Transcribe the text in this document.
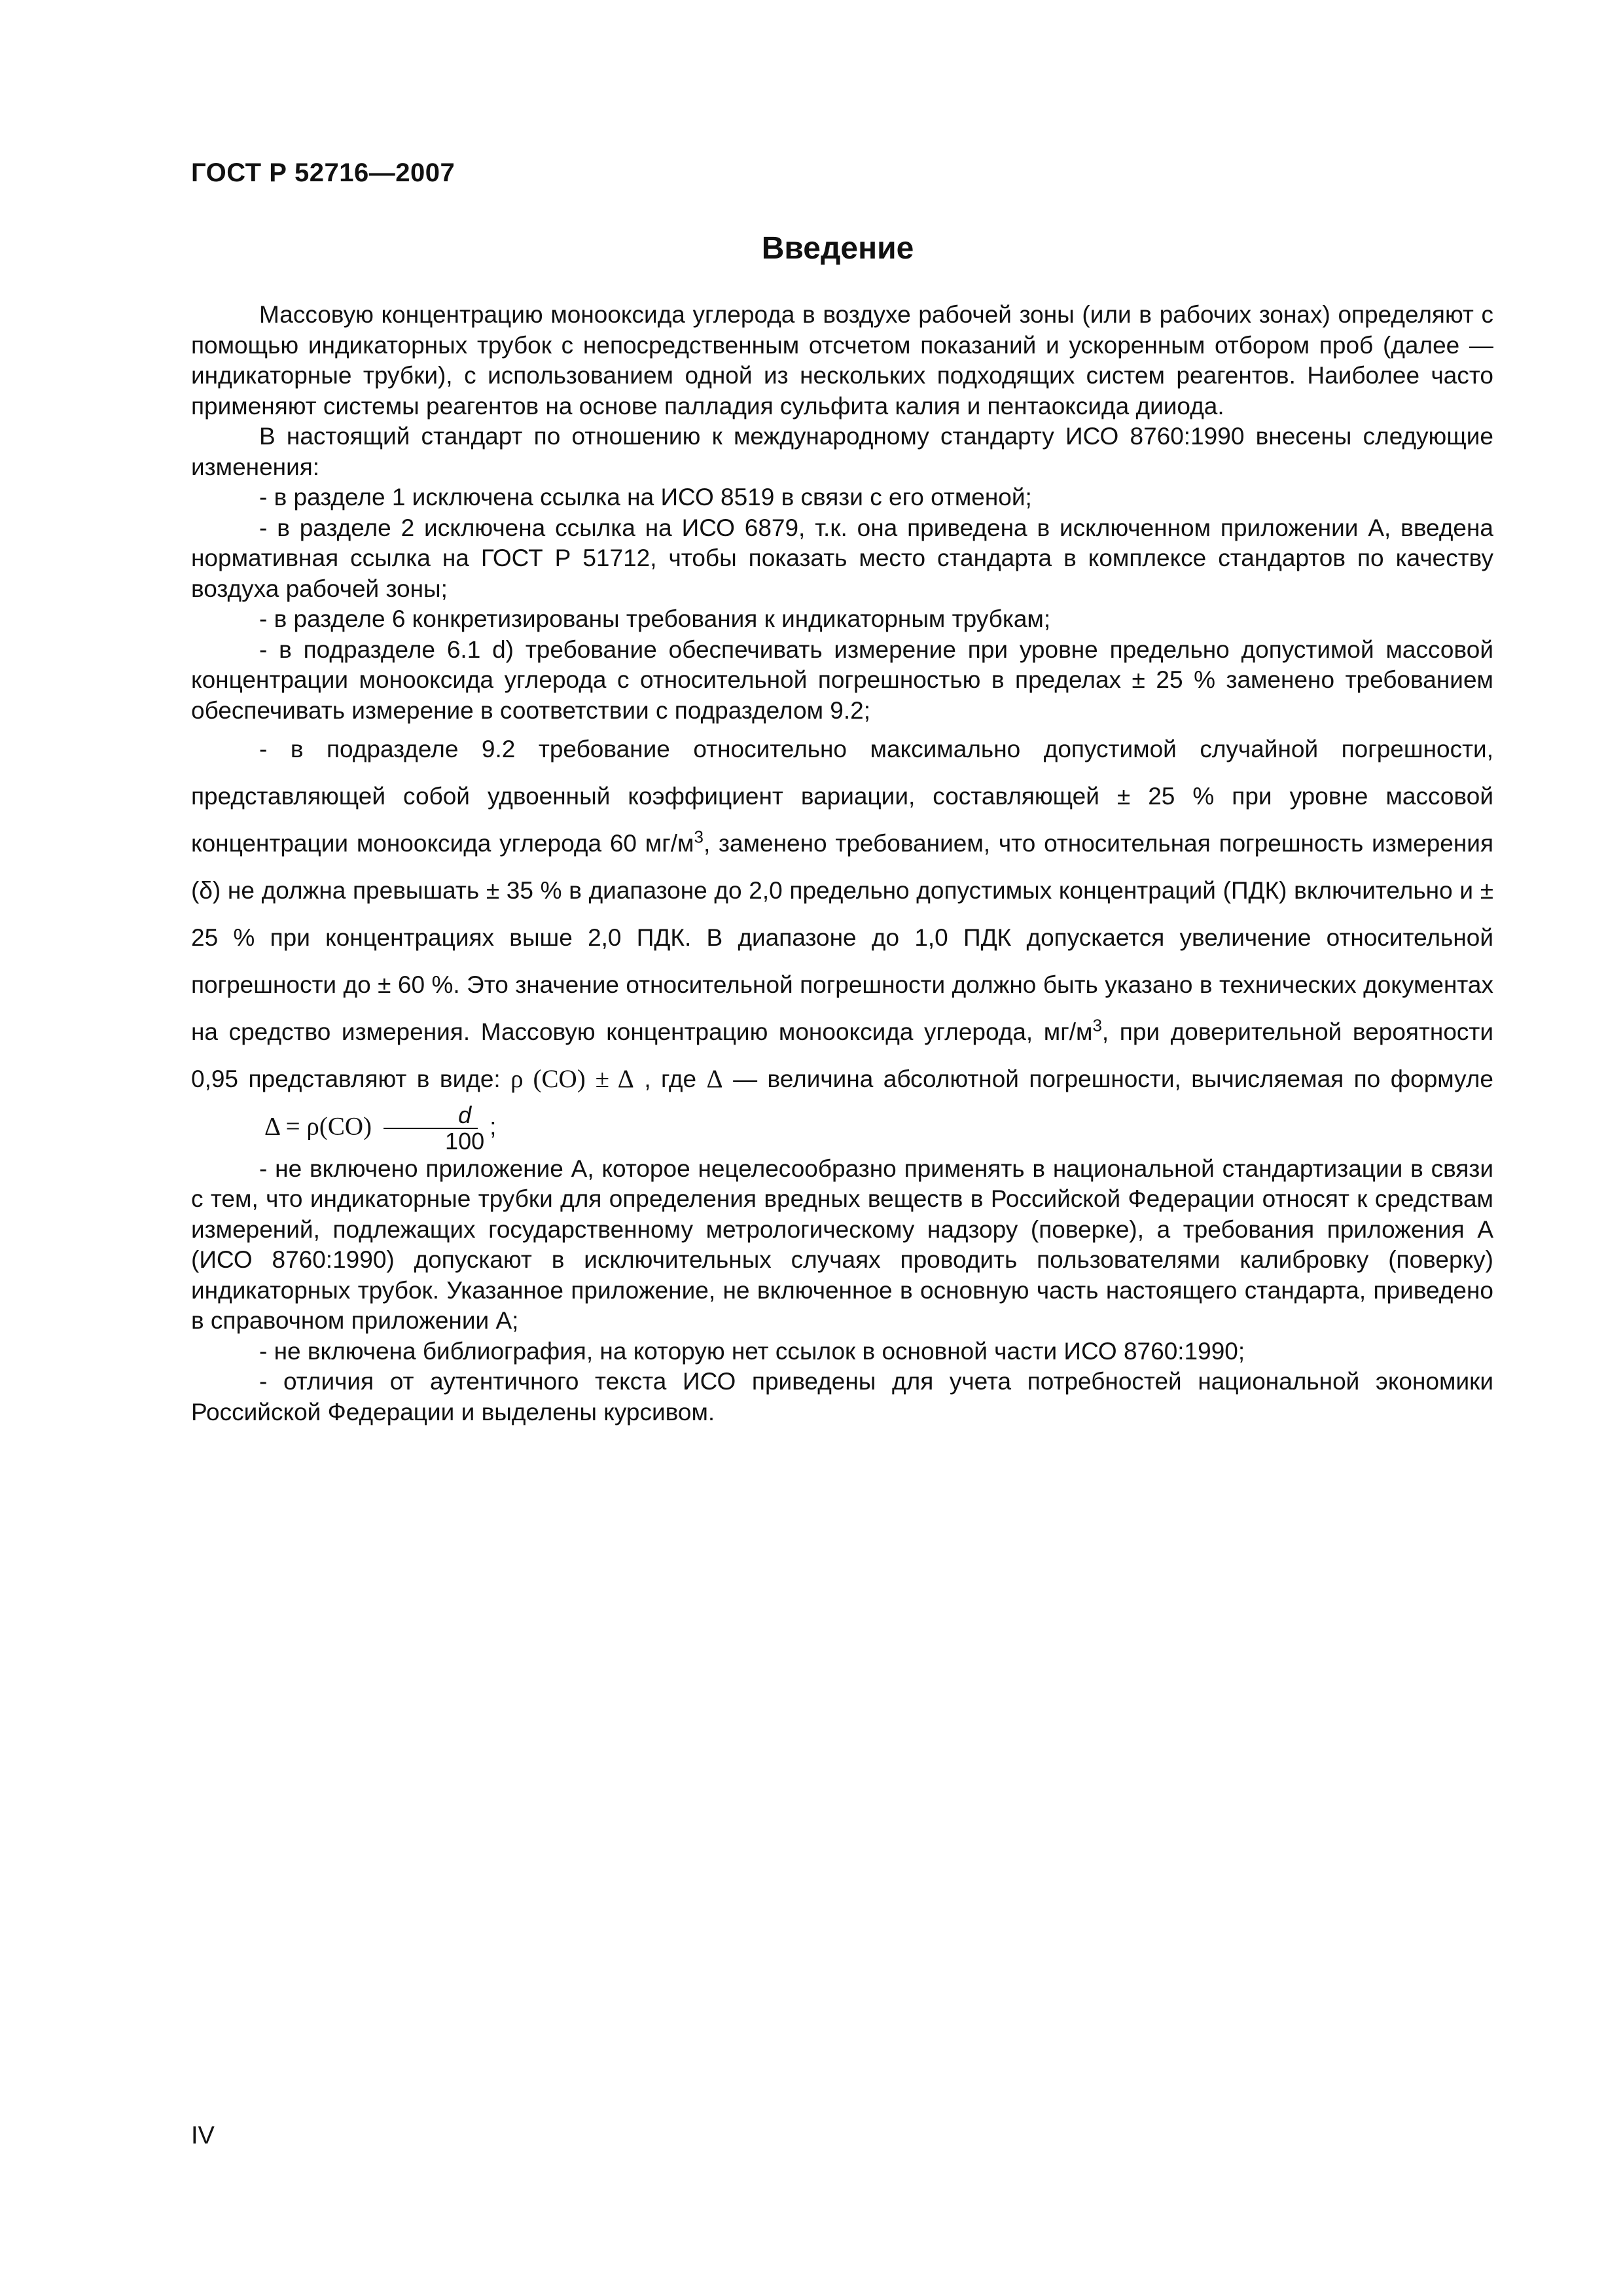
ГОСТ Р 52716—2007
Введение

Массовую концентрацию монооксида углерода в воздухе рабочей зоны (или в рабочих зонах) определяют с помощью индикаторных трубок с непосредственным отсчетом показаний и ускоренным отбором проб (далее — индикаторные трубки), с использованием одной из нескольких подходящих систем реагентов. Наиболее часто применяют системы реагентов на основе палладия сульфита калия и пентаоксида дииода.

В настоящий стандарт по отношению к международному стандарту ИСО 8760:1990 внесены следующие изменения:

- в разделе 1 исключена ссылка на ИСО 8519 в связи с его отменой;

- в разделе 2 исключена ссылка на ИСО 6879, т.к. она приведена в исключенном приложении А, введена нормативная ссылка на ГОСТ Р 51712, чтобы показать место стандарта в комплексе стандартов по качеству воздуха рабочей зоны;

- в разделе 6 конкретизированы требования к индикаторным трубкам;

- в подразделе 6.1 d) требование обеспечивать измерение при уровне предельно допустимой массовой концентрации монооксида углерода с относительной погрешностью в пределах ± 25 % заменено требованием обеспечивать измерение в соответствии с подразделом 9.2;

- в подразделе 9.2 требование относительно максимально допустимой случайной погрешности, представляющей собой удвоенный коэффициент вариации, составляющей ± 25 % при уровне массовой концентрации монооксида углерода 60 $мг/м^3$, заменено требованием, что относительная погрешность измерения (δ) не должна превышать ± 35 % в диапазоне до 2,0 предельно допустимых концентраций (ПДК) включительно и ± 25 % при концентрациях выше 2,0 ПДК. В диапазоне до 1,0 ПДК допускается увеличение относительной погрешности до ± 60 %. Это значение относительной погрешности должно быть указано в технических документах на средство измерения. Массовую концентрацию монооксида углерода, $мг/м^3$, при доверительной вероятности 0,95 представляют в виде: ρ (CO) ± Δ , где Δ — величина абсолютной погрешности, вычисляемая по формуле $\Delta = \rho(CO) \frac{d}{100}$ ;

- не включено приложение А, которое нецелесообразно применять в национальной стандартизации в связи с тем, что индикаторные трубки для определения вредных веществ в Российской Федерации относят к средствам измерений, подлежащих государственному метрологическому надзору (поверке), а требования приложения А (ИСО 8760:1990) допускают в исключительных случаях проводить пользователями калибровку (поверку) индикаторных трубок. Указанное приложение, не включенное в основную часть настоящего стандарта, приведено в справочном приложении А;

- не включена библиография, на которую нет ссылок в основной части ИСО 8760:1990;

- отличия от аутентичного текста ИСО приведены для учета потребностей национальной экономики Российской Федерации и выделены курсивом.

IV
